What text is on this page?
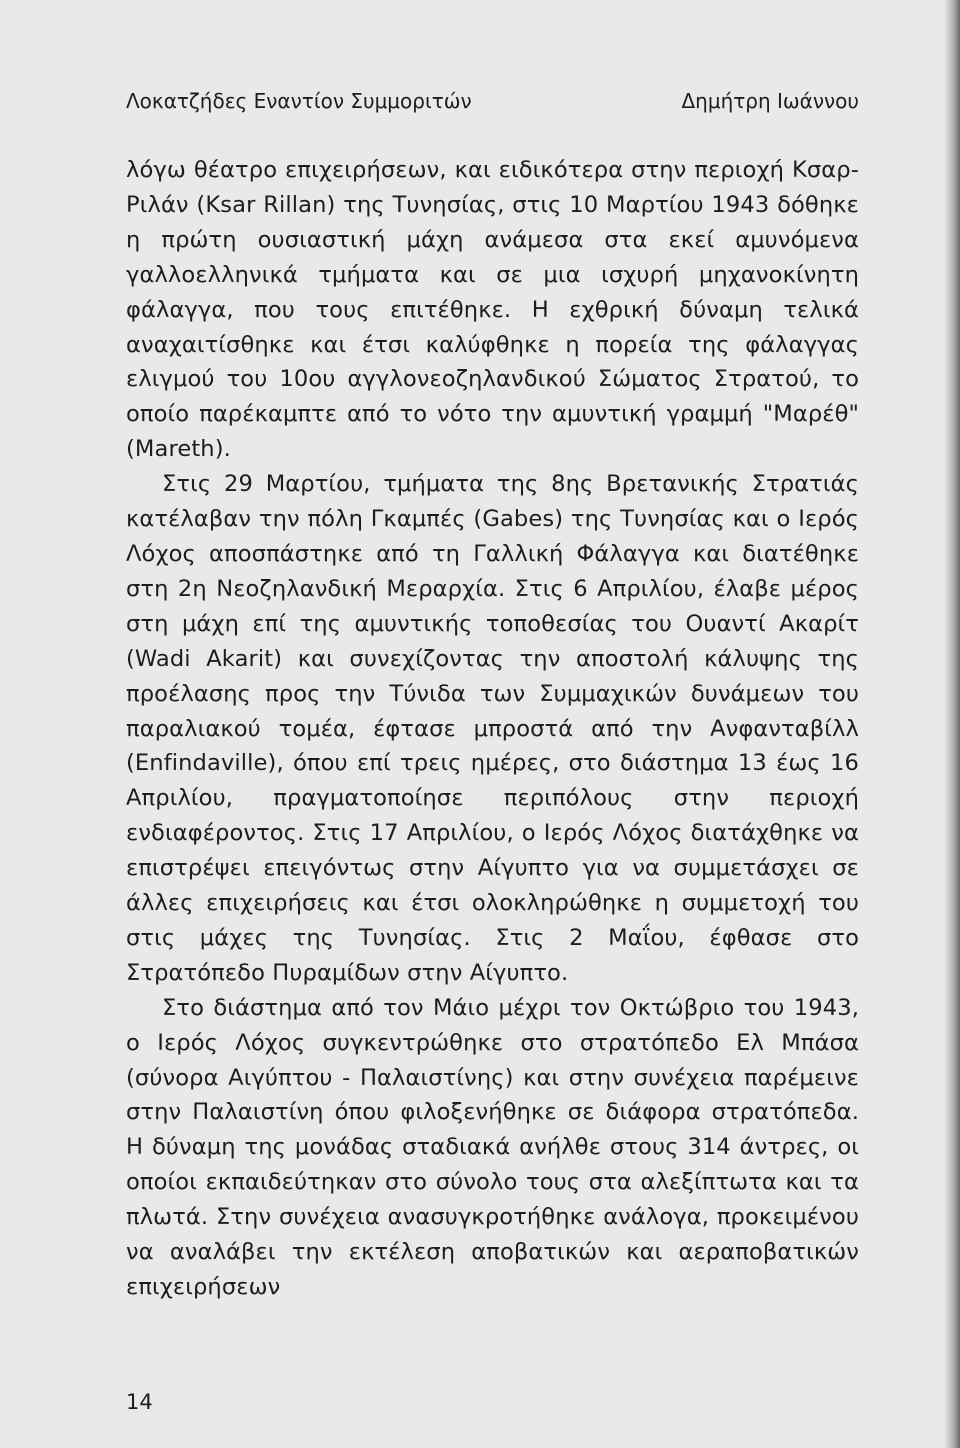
Λοκατζήδες Εναντίον Συμμοριτών	Δημήτρη Ιωάννου

λόγω θέατρο επιχειρήσεων, και ειδικότερα στην περιοχή Κσαρ-Ριλάν (Ksar Rillan) της Τυνησίας, στις 10 Μαρτίου 1943 δόθηκε η πρώτη ουσιαστική μάχη ανάμεσα στα εκεί αμυνόμενα γαλλοελληνικά τμήματα και σε μια ισχυρή μηχανοκίνητη φάλαγγα, που τους επιτέθηκε. Η εχθρική δύναμη τελικά αναχαιτίσθηκε και έτσι καλύφθηκε η πορεία της φάλαγγας ελιγμού του 10ου αγγλονεοζηλανδικού Σώματος Στρατού, το οποίο παρέκαμπτε από το νότο την αμυντική γραμμή "Μαρέθ" (Mareth).

Στις 29 Μαρτίου, τμήματα της 8ης Βρετανικής Στρατιάς κατέλαβαν την πόλη Γκαμπές (Gabes) της Τυνησίας και ο Ιερός Λόχος αποσπάστηκε από τη Γαλλική Φάλαγγα και διατέθηκε στη 2η Νεοζηλανδική Μεραρχία. Στις 6 Απριλίου, έλαβε μέρος στη μάχη επί της αμυντικής τοποθεσίας του Ουαντί Ακαρίτ (Wadi Akarit) και συνεχίζοντας την αποστολή κάλυψης της προέλασης προς την Τύνιδα των Συμμαχικών δυνάμεων του παραλιακού τομέα, έφτασε μπροστά από την Ανφανταβίλλ (Enfindaville), όπου επί τρεις ημέρες, στο διάστημα 13 έως 16 Απριλίου, πραγματοποίησε περιπόλους στην περιοχή ενδιαφέροντος. Στις 17 Απριλίου, ο Ιερός Λόχος διατάχθηκε να επιστρέψει επειγόντως στην Αίγυπτο για να συμμετάσχει σε άλλες επιχειρήσεις και έτσι ολοκληρώθηκε η συμμετοχή του στις μάχες της Τυνησίας. Στις 2 Μαΐου, έφθασε στο Στρατόπεδο Πυραμίδων στην Αίγυπτο.

Στο διάστημα από τον Μάιο μέχρι τον Οκτώβριο του 1943, ο Ιερός Λόχος συγκεντρώθηκε στο στρατόπεδο Ελ Μπάσα (σύνορα Αιγύπτου - Παλαιστίνης) και στην συνέχεια παρέμεινε στην Παλαιστίνη όπου φιλοξενήθηκε σε διάφορα στρατόπεδα. Η δύναμη της μονάδας σταδιακά ανήλθε στους 314 άντρες, οι οποίοι εκπαιδεύτηκαν στο σύνολο τους στα αλεξίπτωτα και τα πλωτά. Στην συνέχεια ανασυγκροτήθηκε ανάλογα, προκειμένου να αναλάβει την εκτέλεση αποβατικών και αεραποβατικών επιχειρήσεων

14
